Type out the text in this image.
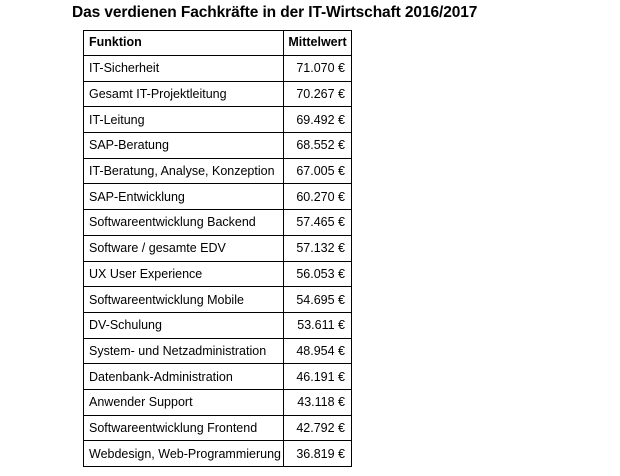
Das verdienen Fachkräfte in der IT-Wirtschaft 2016/2017
Funktion	Mittelwert
IT-Sicherheit	71.070 €
Gesamt IT-Projektleitung	70.267 €
IT-Leitung	69.492 €
SAP-Beratung	68.552 €
IT-Beratung, Analyse, Konzeption	67.005 €
SAP-Entwicklung	60.270 €
Softwareentwicklung Backend	57.465 €
Software / gesamte EDV	57.132 €
UX User Experience	56.053 €
Softwareentwicklung Mobile	54.695 €
DV-Schulung	53.611 €
System- und Netzadministration	48.954 €
Datenbank-Administration	46.191 €
Anwender Support	43.118 €
Softwareentwicklung Frontend	42.792 €
Webdesign, Web-Programmierung	36.819 €
